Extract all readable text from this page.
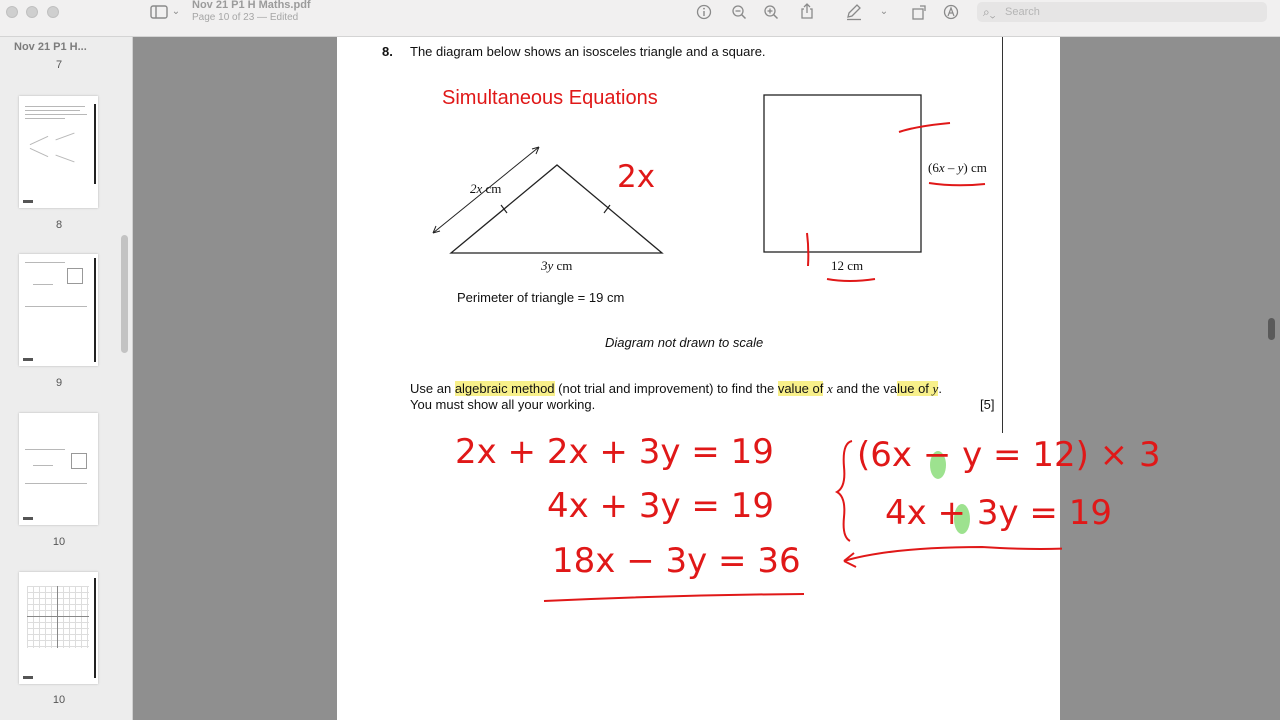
⌄
Nov 21 P1 H Maths.pdf
Page 10 of 23 — Edited
⌄	⌕⌄ Search
Nov 21 P1 H...
7
8
9
10
10
8. The diagram below shows an isosceles triangle and a square.
Simultaneous Equations
2x cm
3y cm
2x
Perimeter of triangle = 19 cm
(6x – y) cm
12 cm
Diagram not drawn to scale
Use an algebraic method (not trial and improvement) to find the value of x and the value of y.
You must show all your working.	[5]
2x + 2x + 3y = 19
4x + 3y = 19
18x − 3y = 36
(6x − y = 12) × 3
4x + 3y = 19
